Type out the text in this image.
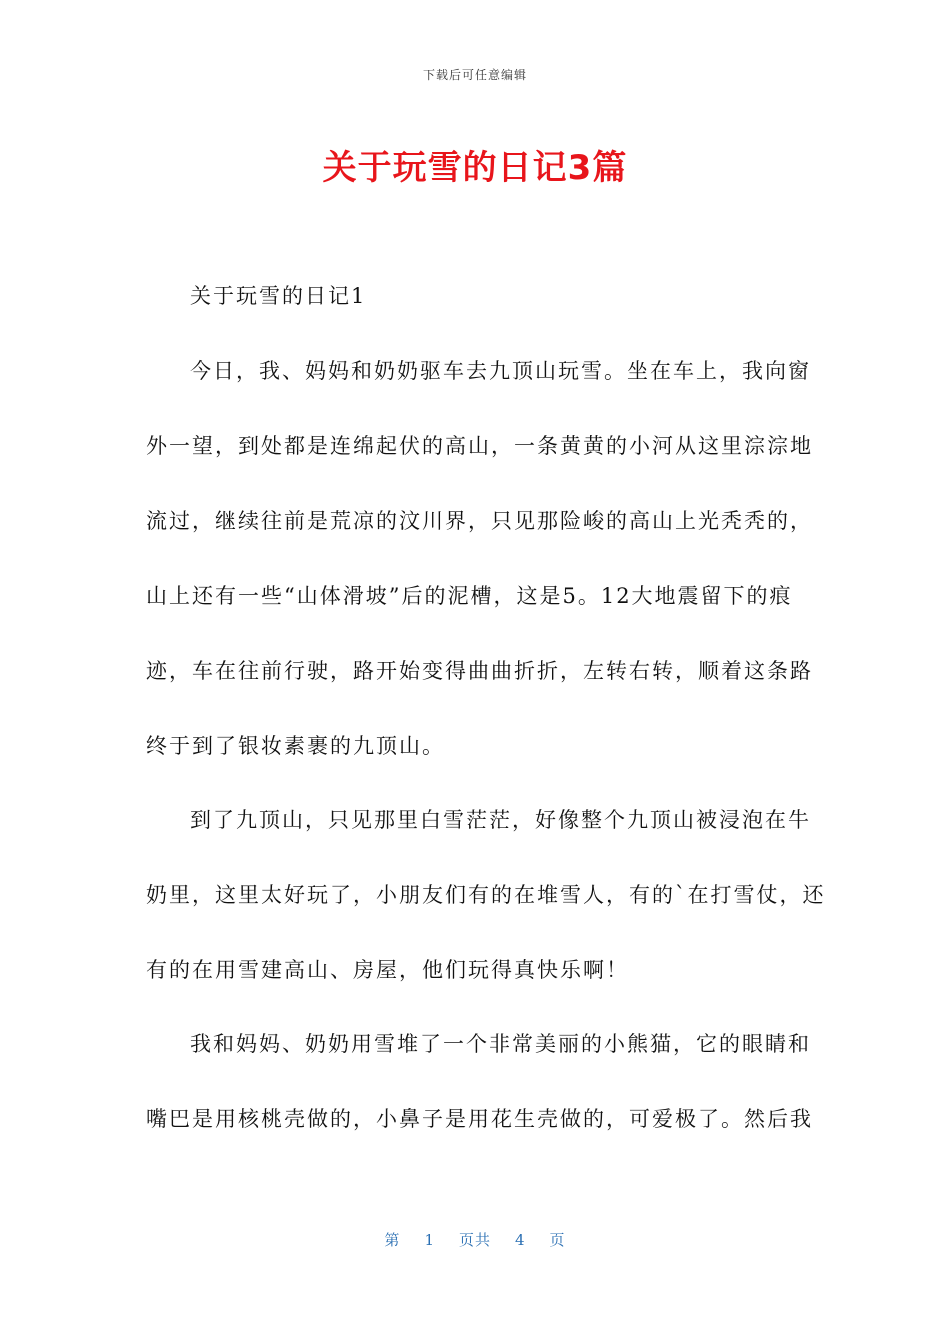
下载后可任意编辑
关于玩雪的日记3篇

关于玩雪的日记1

今日，我、妈妈和奶奶驱车去九顶山玩雪。坐在车上，我向窗
外一望，到处都是连绵起伏的高山，一条黄黄的小河从这里淙淙地
流过，继续往前是荒凉的汶川界，只见那险峻的高山上光秃秃的，
山上还有一些“山体滑坡”后的泥槽，这是5。12大地震留下的痕
迹，车在往前行驶，路开始变得曲曲折折，左转右转，顺着这条路
终于到了银妆素裹的九顶山。

到了九顶山，只见那里白雪茫茫，好像整个九顶山被浸泡在牛
奶里，这里太好玩了，小朋友们有的在堆雪人，有的`在打雪仗，还
有的在用雪建高山、房屋，他们玩得真快乐啊！

我和妈妈、奶奶用雪堆了一个非常美丽的小熊猫，它的眼睛和
嘴巴是用核桃壳做的，小鼻子是用花生壳做的，可爱极了。然后我

第 1 页共 4 页
